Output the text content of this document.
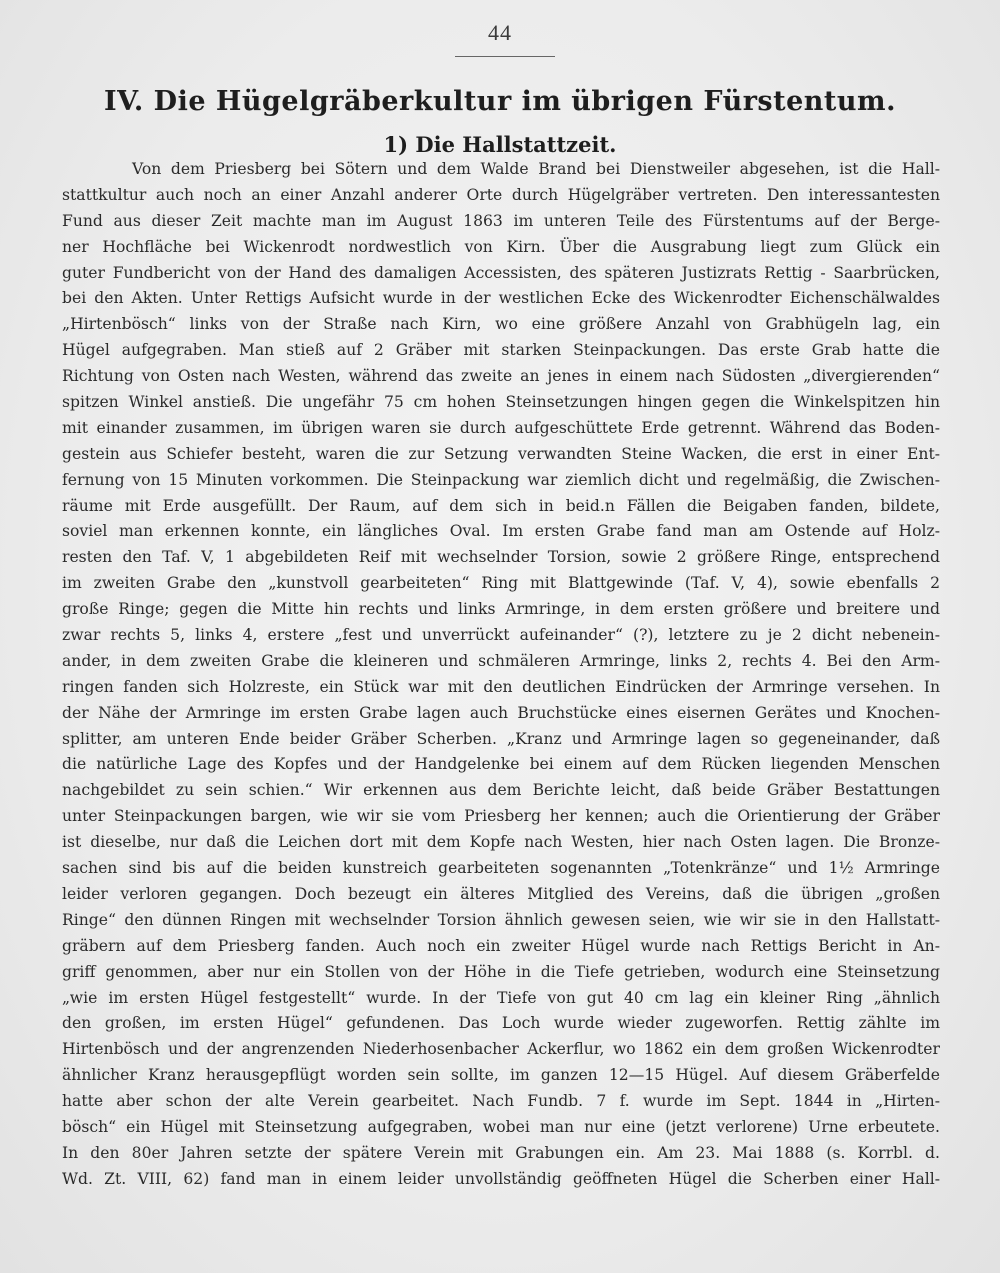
44
IV. Die Hügelgräberkultur im übrigen Fürstentum.
1) Die Hallstattzeit.
Von dem Priesberg bei Sötern und dem Walde Brand bei Dienstweiler abgesehen, ist die Hall-
stattkultur auch noch an einer Anzahl anderer Orte durch Hügelgräber vertreten. Den interessantesten
Fund aus dieser Zeit machte man im August 1863 im unteren Teile des Fürstentums auf der Berge-
ner Hochfläche bei Wickenrodt nordwestlich von Kirn. Über die Ausgrabung liegt zum Glück ein
guter Fundbericht von der Hand des damaligen Accessisten, des späteren Justizrats Rettig - Saarbrücken,
bei den Akten. Unter Rettigs Aufsicht wurde in der westlichen Ecke des Wickenrodter Eichenschälwaldes
„Hirtenbösch“ links von der Straße nach Kirn, wo eine größere Anzahl von Grabhügeln lag, ein
Hügel aufgegraben. Man stieß auf 2 Gräber mit starken Steinpackungen. Das erste Grab hatte die
Richtung von Osten nach Westen, während das zweite an jenes in einem nach Südosten „divergierenden“
spitzen Winkel anstieß. Die ungefähr 75 cm hohen Steinsetzungen hingen gegen die Winkelspitzen hin
mit einander zusammen, im übrigen waren sie durch aufgeschüttete Erde getrennt. Während das Boden-
gestein aus Schiefer besteht, waren die zur Setzung verwandten Steine Wacken, die erst in einer Ent-
fernung von 15 Minuten vorkommen. Die Steinpackung war ziemlich dicht und regelmäßig, die Zwischen-
räume mit Erde ausgefüllt. Der Raum, auf dem sich in beid.n Fällen die Beigaben fanden, bildete,
soviel man erkennen konnte, ein längliches Oval. Im ersten Grabe fand man am Ostende auf Holz-
resten den Taf. V, 1 abgebildeten Reif mit wechselnder Torsion, sowie 2 größere Ringe, entsprechend
im zweiten Grabe den „kunstvoll gearbeiteten“ Ring mit Blattgewinde (Taf. V, 4), sowie ebenfalls 2
große Ringe; gegen die Mitte hin rechts und links Armringe, in dem ersten größere und breitere und
zwar rechts 5, links 4, erstere „fest und unverrückt aufeinander“ (?), letztere zu je 2 dicht nebenein-
ander, in dem zweiten Grabe die kleineren und schmäleren Armringe, links 2, rechts 4. Bei den Arm-
ringen fanden sich Holzreste, ein Stück war mit den deutlichen Eindrücken der Armringe versehen. In
der Nähe der Armringe im ersten Grabe lagen auch Bruchstücke eines eisernen Gerätes und Knochen-
splitter, am unteren Ende beider Gräber Scherben. „Kranz und Armringe lagen so gegeneinander, daß
die natürliche Lage des Kopfes und der Handgelenke bei einem auf dem Rücken liegenden Menschen
nachgebildet zu sein schien.“ Wir erkennen aus dem Berichte leicht, daß beide Gräber Bestattungen
unter Steinpackungen bargen, wie wir sie vom Priesberg her kennen; auch die Orientierung der Gräber
ist dieselbe, nur daß die Leichen dort mit dem Kopfe nach Westen, hier nach Osten lagen. Die Bronze-
sachen sind bis auf die beiden kunstreich gearbeiteten sogenannten „Totenkränze“ und 1½ Armringe
leider verloren gegangen. Doch bezeugt ein älteres Mitglied des Vereins, daß die übrigen „großen
Ringe“ den dünnen Ringen mit wechselnder Torsion ähnlich gewesen seien, wie wir sie in den Hallstatt-
gräbern auf dem Priesberg fanden. Auch noch ein zweiter Hügel wurde nach Rettigs Bericht in An-
griff genommen, aber nur ein Stollen von der Höhe in die Tiefe getrieben, wodurch eine Steinsetzung
„wie im ersten Hügel festgestellt“ wurde. In der Tiefe von gut 40 cm lag ein kleiner Ring „ähnlich
den großen, im ersten Hügel“ gefundenen. Das Loch wurde wieder zugeworfen. Rettig zählte im
Hirtenbösch und der angrenzenden Niederhosenbacher Ackerflur, wo 1862 ein dem großen Wickenrodter
ähnlicher Kranz herausgepflügt worden sein sollte, im ganzen 12—15 Hügel. Auf diesem Gräberfelde
hatte aber schon der alte Verein gearbeitet. Nach Fundb. 7 f. wurde im Sept. 1844 in „Hirten-
bösch“ ein Hügel mit Steinsetzung aufgegraben, wobei man nur eine (jetzt verlorene) Urne erbeutete.
In den 80er Jahren setzte der spätere Verein mit Grabungen ein. Am 23. Mai 1888 (s. Korrbl. d.
Wd. Zt. VIII, 62) fand man in einem leider unvollständig geöffneten Hügel die Scherben einer Hall-
